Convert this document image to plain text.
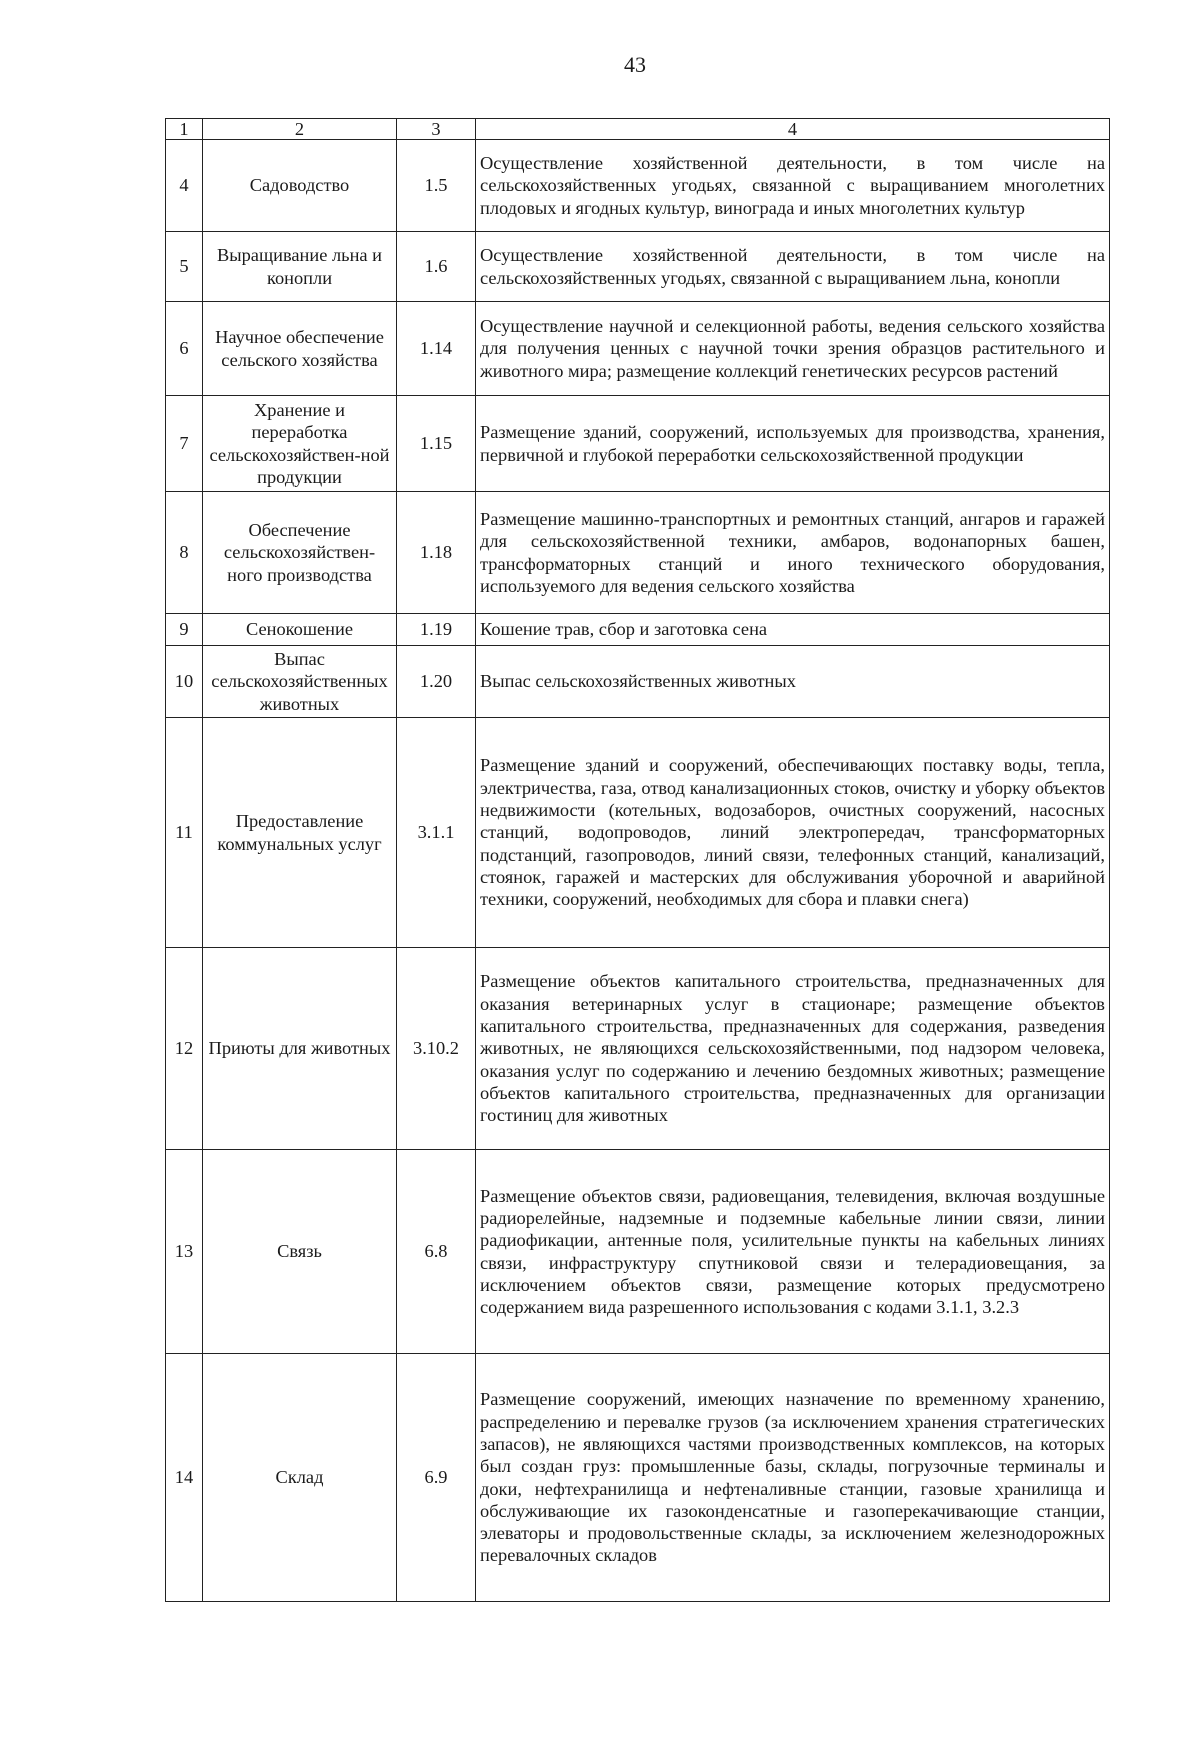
43
1	2	3	4
4	Садоводство	1.5	Осуществление хозяйственной деятельности, в том числе на сельскохозяйственных угодьях, связанной с выращиванием многолетних плодовых и ягодных культур, винограда и иных многолетних культур
5	Выращивание льна и конопли	1.6	Осуществление хозяйственной деятельности, в том числе на сельскохозяйственных угодьях, связанной с выращиванием льна, конопли
6	Научное обеспечение сельского хозяйства	1.14	Осуществление научной и селекционной работы, ведения сельского хозяйства для получения ценных с научной точки зрения образцов растительного и животного мира; размещение коллекций генетических ресурсов растений
7	Хранение и переработка сельскохозяйствен-ной продукции	1.15	Размещение зданий, сооружений, используемых для производства, хранения, первичной и глубокой переработки сельскохозяйственной продукции
8	Обеспечение сельскохозяйствен-ного производства	1.18	Размещение машинно-транспортных и ремонтных станций, ангаров и гаражей для сельскохозяйственной техники, амбаров, водонапорных башен, трансформаторных станций и иного технического оборудования, используемого для ведения сельского хозяйства
9	Сенокошение	1.19	Кошение трав, сбор и заготовка сена
10	Выпас сельскохозяйственных животных	1.20	Выпас сельскохозяйственных животных
11	Предоставление коммунальных услуг	3.1.1	Размещение зданий и сооружений, обеспечивающих поставку воды, тепла, электричества, газа, отвод канализационных стоков, очистку и уборку объектов недвижимости (котельных, водозаборов, очистных сооружений, насосных станций, водопроводов, линий электропередач, трансформаторных подстанций, газопроводов, линий связи, телефонных станций, канализаций, стоянок, гаражей и мастерских для обслуживания уборочной и аварийной техники, сооружений, необходимых для сбора и плавки снега)
12	Приюты для животных	3.10.2	Размещение объектов капитального строительства, предназначенных для оказания ветеринарных услуг в стационаре; размещение объектов капитального строительства, предназначенных для содержания, разведения животных, не являющихся сельскохозяйственными, под надзором человека, оказания услуг по содержанию и лечению бездомных животных; размещение объектов капитального строительства, предназначенных для организации гостиниц для животных
13	Связь	6.8	Размещение объектов связи, радиовещания, телевидения, включая воздушные радиорелейные, надземные и подземные кабельные линии связи, линии радиофикации, антенные поля, усилительные пункты на кабельных линиях связи, инфраструктуру спутниковой связи и телерадиовещания, за исключением объектов связи, размещение которых предусмотрено содержанием вида разрешенного использования с кодами 3.1.1, 3.2.3
14	Склад	6.9	Размещение сооружений, имеющих назначение по временному хранению, распределению и перевалке грузов (за исключением хранения стратегических запасов), не являющихся частями производственных комплексов, на которых был создан груз: промышленные базы, склады, погрузочные терминалы и доки, нефтехранилища и нефтеналивные станции, газовые хранилища и обслуживающие их газоконденсатные и газоперекачивающие станции, элеваторы и продовольственные склады, за исключением железнодорожных перевалочных складов
